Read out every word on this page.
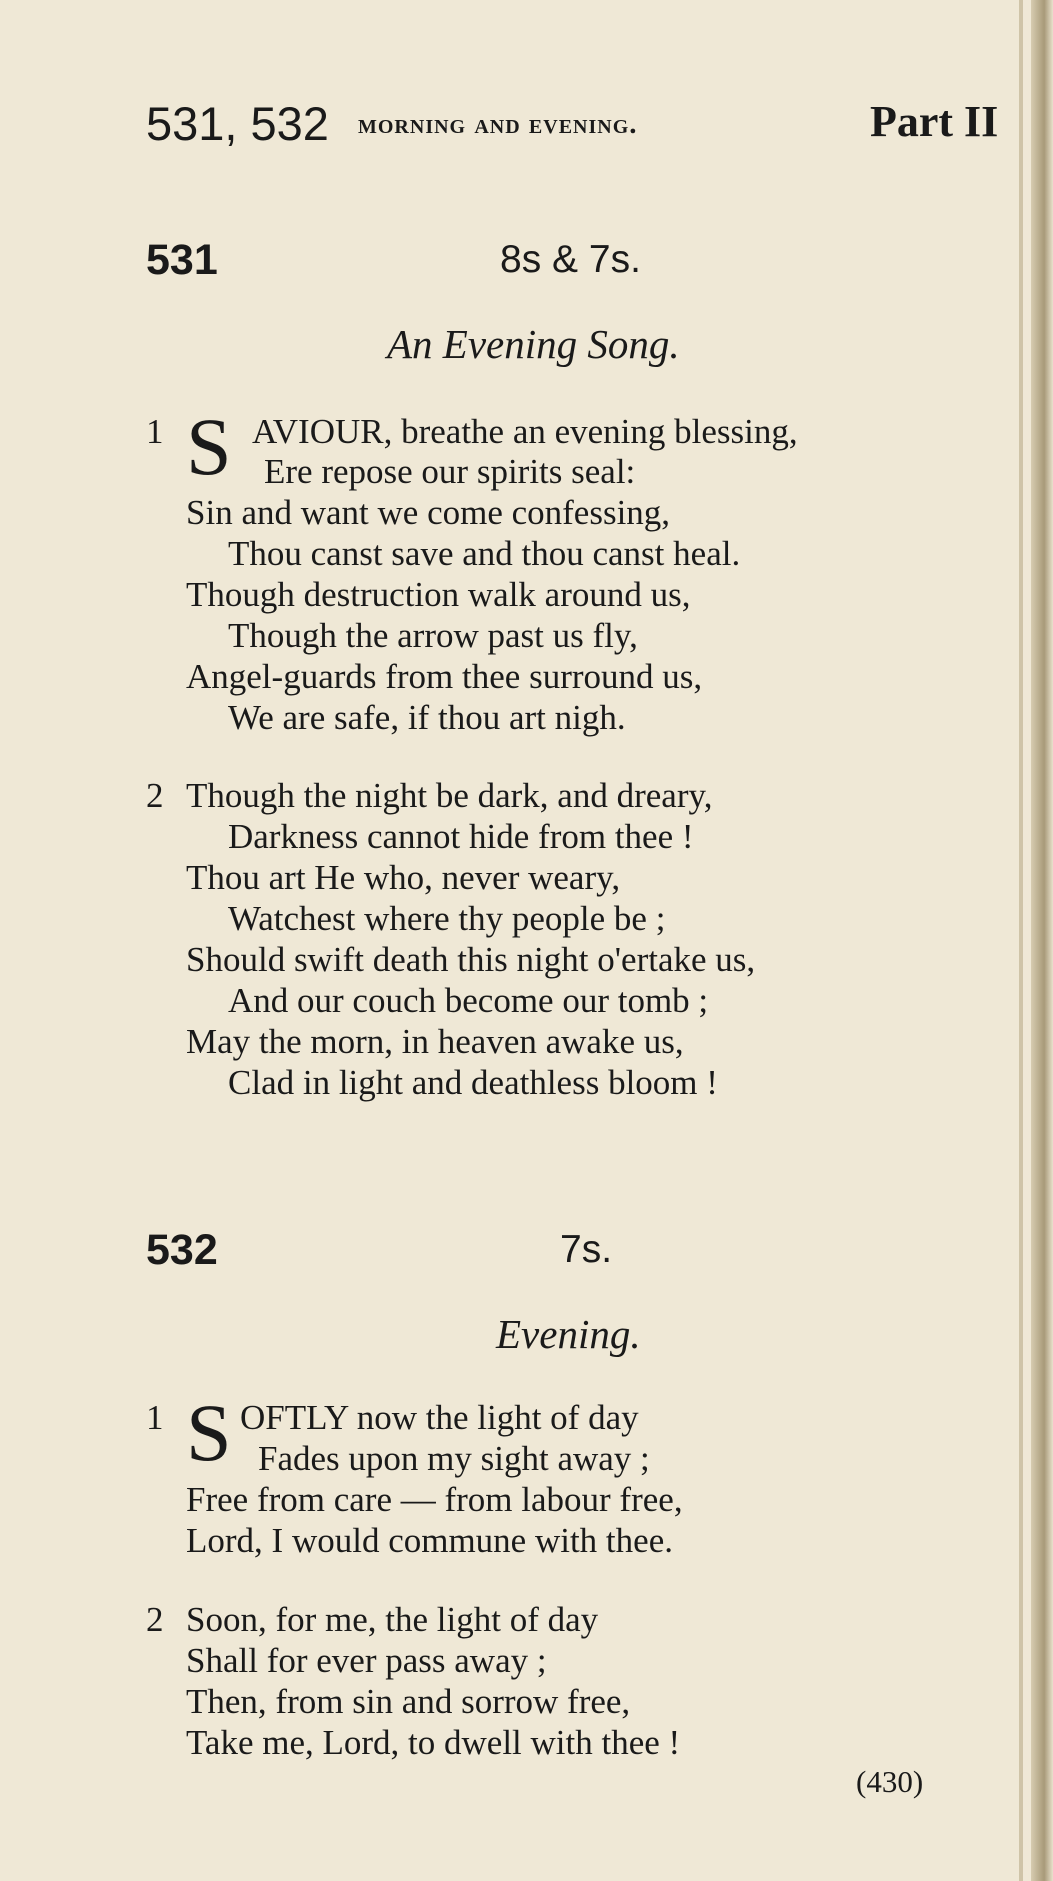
531, 532 morning and evening.	Part II
531	8s & 7s.
An Evening Song.
1 S AVIOUR, breathe an evening blessing,
Ere repose our spirits seal:
Sin and want we come confessing,
Thou canst save and thou canst heal.
Though destruction walk around us,
Though the arrow past us fly,
Angel-guards from thee surround us,
We are safe, if thou art nigh.
2 Though the night be dark, and dreary,
Darkness cannot hide from thee !
Thou art He who, never weary,
Watchest where thy people be ;
Should swift death this night o'ertake us,
And our couch become our tomb ;
May the morn, in heaven awake us,
Clad in light and deathless bloom !
532	7s.
Evening.
1 S OFTLY now the light of day
Fades upon my sight away ;
Free from care — from labour free,
Lord, I would commune with thee.
2 Soon, for me, the light of day
Shall for ever pass away ;
Then, from sin and sorrow free,
Take me, Lord, to dwell with thee !
(430)
